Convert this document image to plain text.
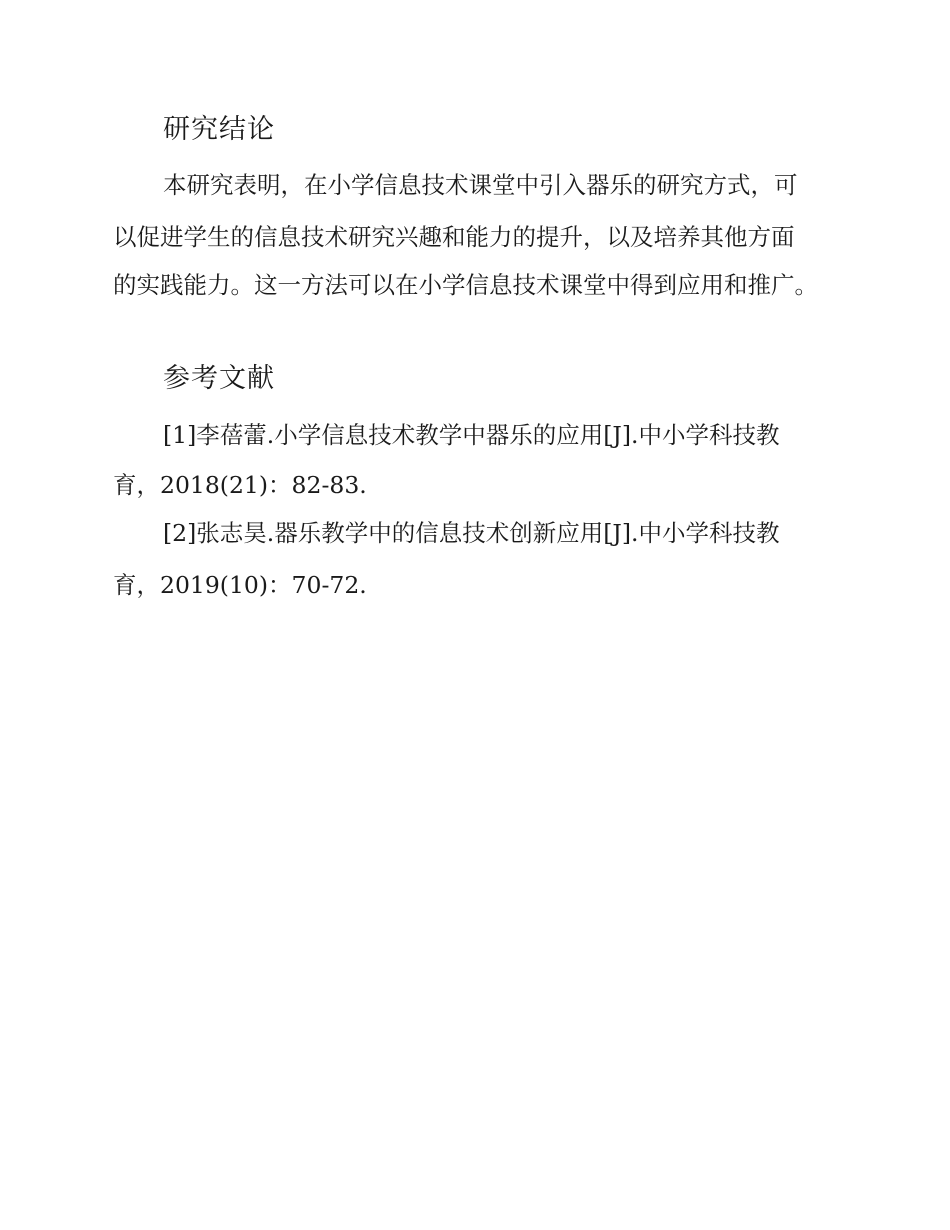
研究结论
本研究表明，在小学信息技术课堂中引入器乐的研究方式，可
以促进学生的信息技术研究兴趣和能力的提升，以及培养其他方面
的实践能力。这一方法可以在小学信息技术课堂中得到应用和推广。
参考文献
[1]李蓓蕾.小学信息技术教学中器乐的应用[J].中小学科技教
育，2018(21)：82-83.
[2]张志昊.器乐教学中的信息技术创新应用[J].中小学科技教
育，2019(10)：70-72.
